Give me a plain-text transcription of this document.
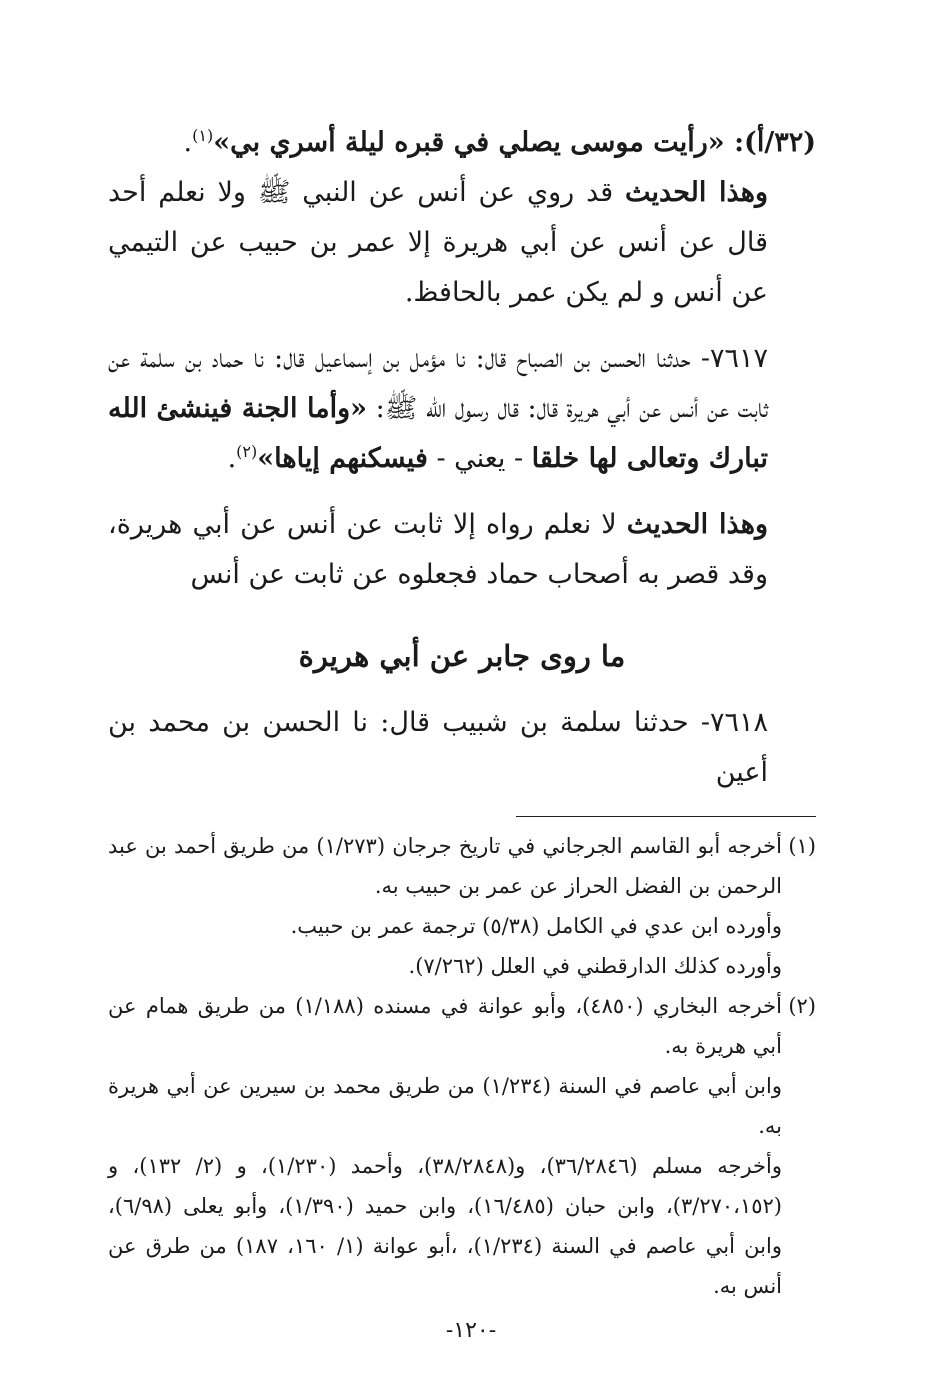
(٣٢/أ): «رأيت موسى يصلي في قبره ليلة أسري بي»$^{(١)}$.

وهذا الحديث قد روي عن أنس عن النبي ﷺ ولا نعلم أحد قال عن أنس عن أبي هريرة إلا عمر بن حبيب عن التيمي عن أنس و لم يكن عمر بالحافظ.

٧٦١٧- حدثنا الحسن بن الصباح قال: نا مؤمل بن إسماعيل قال: نا حماد بن سلمة عن ثابت عن أنس عن أبي هريرة قال: قال رسول الله ﷺ: «وأما الجنة فينشئ الله تبارك وتعالى لها خلقا - يعني - فيسكنهم إياها»$^{(٢)}$.

وهذا الحديث لا نعلم رواه إلا ثابت عن أنس عن أبي هريرة، وقد قصر به أصحاب حماد فجعلوه عن ثابت عن أنس

ما روى جابر عن أبي هريرة

٧٦١٨- حدثنا سلمة بن شبيب قال: نا الحسن بن محمد بن أعين

(١)

أخرجه أبو القاسم الجرجاني في تاريخ جرجان (١/٢٧٣) من طريق أحمد بن عبد الرحمن بن الفضل الحراز عن عمر بن حبيب به.

وأورده ابن عدي في الكامل (٥/٣٨) ترجمة عمر بن حبيب.

وأورده كذلك الدارقطني في العلل (٧/٢٦٢).

(٢)

أخرجه البخاري (٤٨٥٠)، وأبو عوانة في مسنده (١/١٨٨) من طريق همام عن أبي هريرة به.

وابن أبي عاصم في السنة (١/٢٣٤) من طريق محمد بن سيرين عن أبي هريرة به.

وأخرجه مسلم (٣٦/٢٨٤٦)، و(٣٨/٢٨٤٨)، وأحمد (١/٢٣٠)، و (٢/ ١٣٢)، و (٣/٢٧٠،١٥٢)، وابن حبان (١٦/٤٨٥)، وابن حميد (١/٣٩٠)، وأبو يعلى (٦/٩٨)، وابن أبي عاصم في السنة (١/٢٣٤)، ،أبو عوانة (١/ ١٦٠، ١٨٧) من طرق عن أنس به.

-١٢٠-
